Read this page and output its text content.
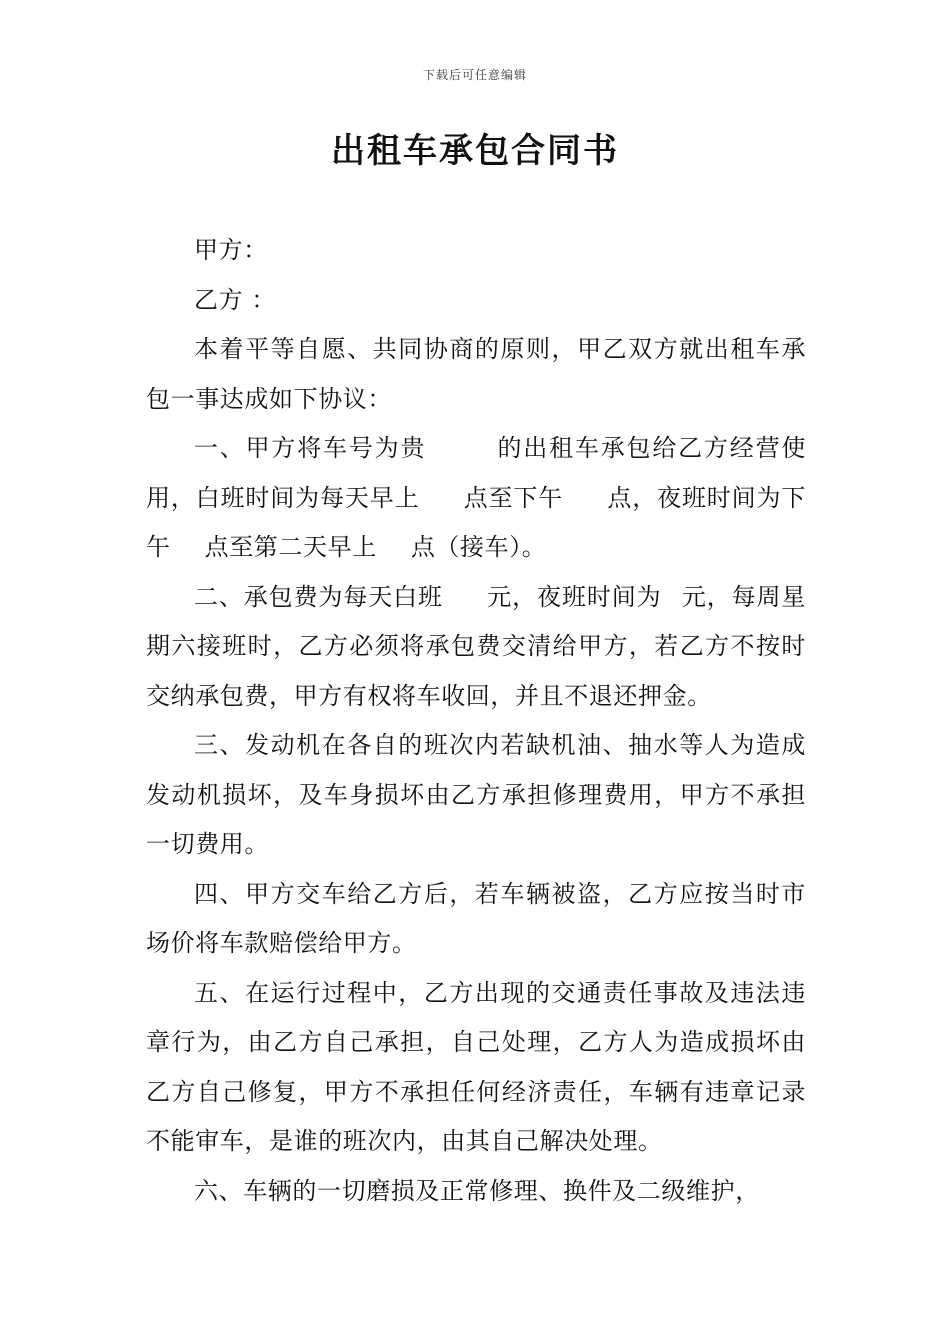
下载后可任意编辑
出租车承包合同书

甲方：

乙方 ：

本着平等自愿、共同协商的原则，甲乙双方就出租车承包一事达成如下协议：

一、甲方将车号为贵	的出租车承包给乙方经营使用，白班时间为每天早上 点至下午 点，夜班时间为下午 点至第二天早上 点（接车）。

二、承包费为每天白班 元，夜班时间为 元，每周星期六接班时，乙方必须将承包费交清给甲方，若乙方不按时交纳承包费，甲方有权将车收回，并且不退还押金。

三、发动机在各自的班次内若缺机油、抽水等人为造成发动机损坏，及车身损坏由乙方承担修理费用，甲方不承担一切费用。

四、甲方交车给乙方后，若车辆被盗，乙方应按当时市场价将车款赔偿给甲方。

五、在运行过程中，乙方出现的交通责任事故及违法违章行为，由乙方自己承担，自己处理，乙方人为造成损坏由乙方自己修复，甲方不承担任何经济责任，车辆有违章记录不能审车，是谁的班次内，由其自己解决处理。

六、车辆的一切磨损及正常修理、换件及二级维护，
